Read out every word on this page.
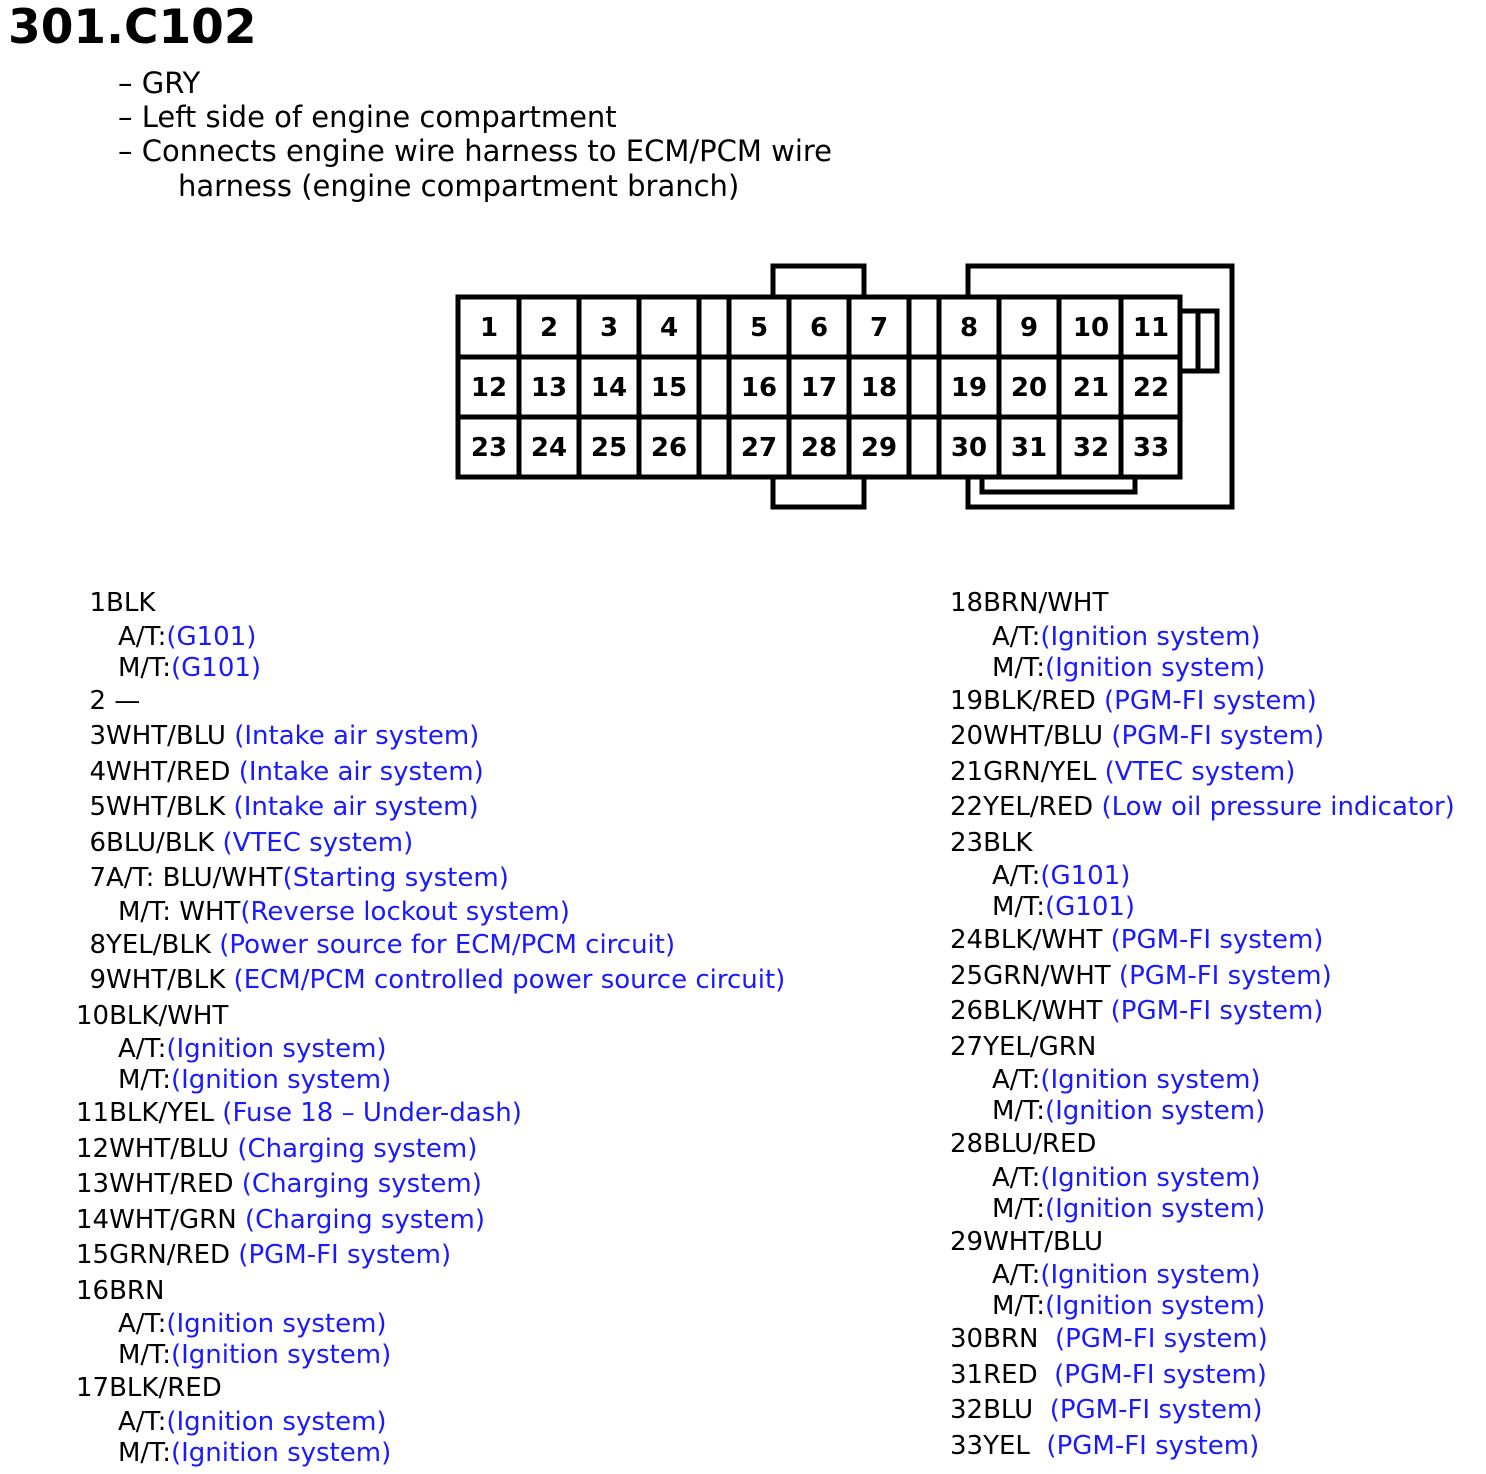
301.C102
– GRY
– Left side of engine compartment
– Connects engine wire harness to ECM/PCM wire
harness (engine compartment branch)
1 2 3 4	5 6 7	8 9 10 11
12 13 14 15 16 17 18 19 20 21 22
23 24 25 26 27 28 29 30 31 32 33
1BLK
A/T:(G101)
M/T:(G101)
2 —
3WHT/BLU (Intake air system)
4WHT/RED (Intake air system)
5WHT/BLK (Intake air system)
6BLU/BLK (VTEC system)
7A/T: BLU/WHT(Starting system)
M/T: WHT(Reverse lockout system)
8YEL/BLK (Power source for ECM/PCM circuit)
9WHT/BLK (ECM/PCM controlled power source circuit)
10BLK/WHT
A/T:(Ignition system)
M/T:(Ignition system)
11BLK/YEL (Fuse 18 – Under-dash)
12WHT/BLU (Charging system)
13WHT/RED (Charging system)
14WHT/GRN (Charging system)
15GRN/RED (PGM-FI system)
16BRN
A/T:(Ignition system)
M/T:(Ignition system)
17BLK/RED
A/T:(Ignition system)
M/T:(Ignition system)
18BRN/WHT
A/T:(Ignition system)
M/T:(Ignition system)
19BLK/RED (PGM-FI system)
20WHT/BLU (PGM-FI system)
21GRN/YEL (VTEC system)
22YEL/RED (Low oil pressure indicator)
23BLK
A/T:(G101)
M/T:(G101)
24BLK/WHT (PGM-FI system)
25GRN/WHT (PGM-FI system)
26BLK/WHT (PGM-FI system)
27YEL/GRN
A/T:(Ignition system)
M/T:(Ignition system)
28BLU/RED
A/T:(Ignition system)
M/T:(Ignition system)
29WHT/BLU
A/T:(Ignition system)
M/T:(Ignition system)
30BRN  (PGM-FI system)
31RED  (PGM-FI system)
32BLU  (PGM-FI system)
33YEL  (PGM-FI system)
